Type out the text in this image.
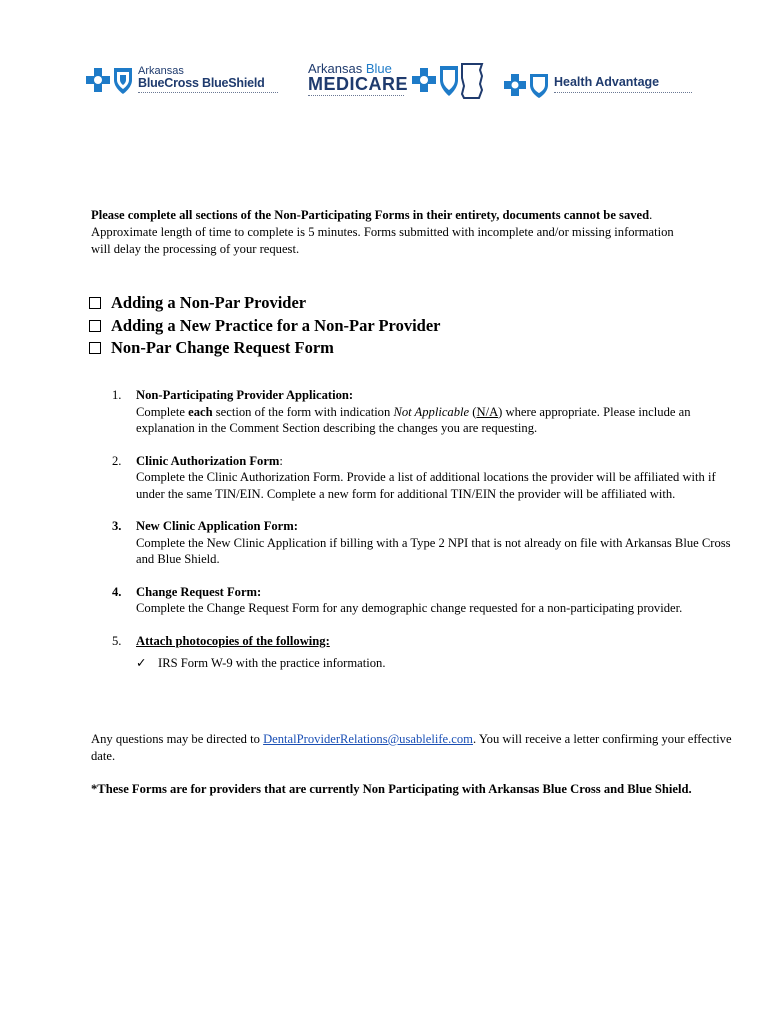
Arkansas
BlueCross BlueShield
Arkansas Blue
MEDICARE	Health Advantage
Please complete all sections of the Non-Participating Forms in their entirety, documents cannot be saved. Approximate length of time to complete is 5 minutes. Forms submitted with incomplete and/or missing information will delay the processing of your request.
Adding a Non-Par Provider
Adding a New Practice for a Non-Par Provider
Non-Par Change Request Form
1.	Non-Participating Provider Application:
Complete each section of the form with indication Not Applicable (N/A) where appropriate. Please include an explanation in the Comment Section describing the changes you are requesting.
2.	Clinic Authorization Form:
Complete the Clinic Authorization Form. Provide a list of additional locations the provider will be affiliated with if under the same TIN/EIN. Complete a new form for additional TIN/EIN the provider will be affiliated with.
3.	New Clinic Application Form:
Complete the New Clinic Application if billing with a Type 2 NPI that is not already on file with Arkansas Blue Cross and Blue Shield.
4.	Change Request Form:
Complete the Change Request Form for any demographic change requested for a non-participating provider.
5.	Attach photocopies of the following:
✓ IRS Form W-9 with the practice information.
Any questions may be directed to DentalProviderRelations@usablelife.com. You will receive a letter confirming your effective date.
*These Forms are for providers that are currently Non Participating with Arkansas Blue Cross and Blue Shield.
